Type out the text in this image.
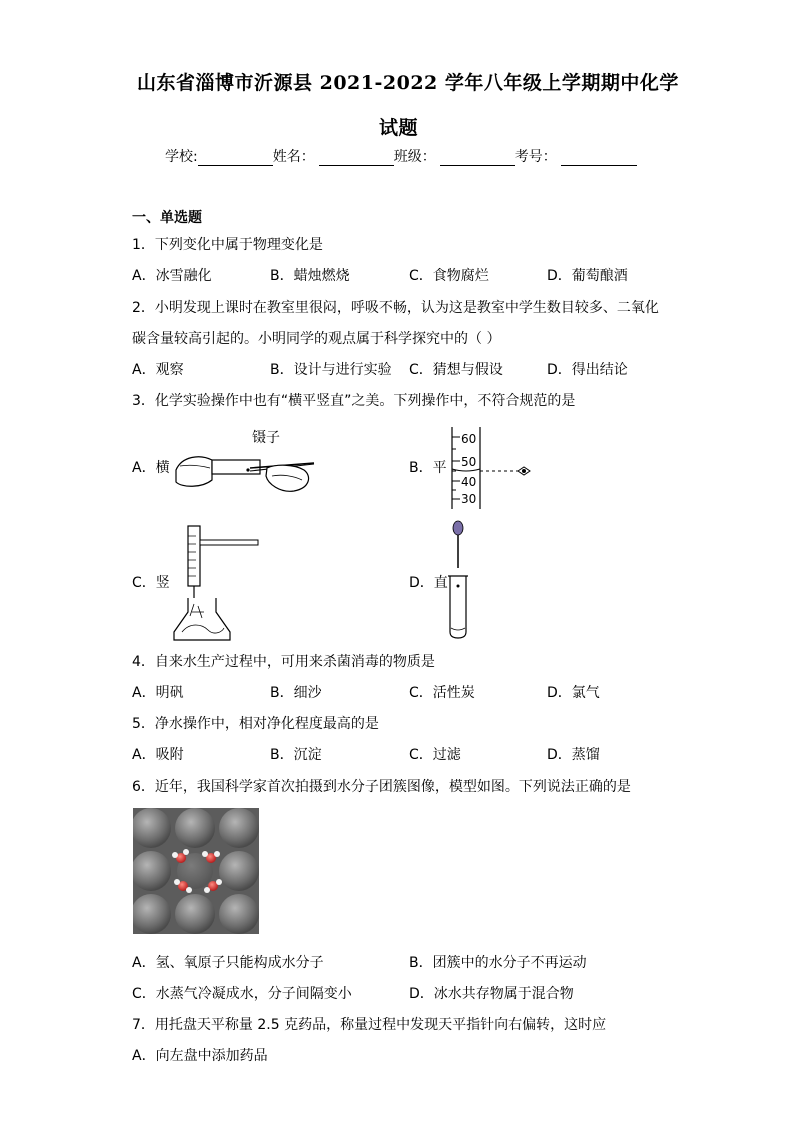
山东省淄博市沂源县 2021-2022 学年八年级上学期期中化学
试题
学校:	姓名：	班级：	考号：
一、单选题
1．下列变化中属于物理变化是
A．冰雪融化	B．蜡烛燃烧	C．食物腐烂	D．葡萄酿酒
2．小明发现上课时在教室里很闷，呼吸不畅，认为这是教室中学生数目较多、二氧化
碳含量较高引起的。小明同学的观点属于科学探究中的（ ）
A．观察	B．设计与进行实验 C．猜想与假设	D．得出结论
3．化学实验操作中也有“横平竖直”之美。下列操作中，不符合规范的是
A．横
镊子
B．平
60
50
40
30
C．竖	D．直
4．自来水生产过程中，可用来杀菌消毒的物质是
A．明矾	B．细沙	C．活性炭	D．氯气
5．净水操作中，相对净化程度最高的是
A．吸附	B．沉淀	C．过滤	D．蒸馏
6．近年，我国科学家首次拍摄到水分子团簇图像，模型如图。下列说法正确的是
A．氢、氧原子只能构成水分子	B．团簇中的水分子不再运动
C．水蒸气冷凝成水，分子间隔变小	D．冰水共存物属于混合物
7．用托盘天平称量 2.5 克药品，称量过程中发现天平指针向右偏转，这时应
A．向左盘中添加药品
